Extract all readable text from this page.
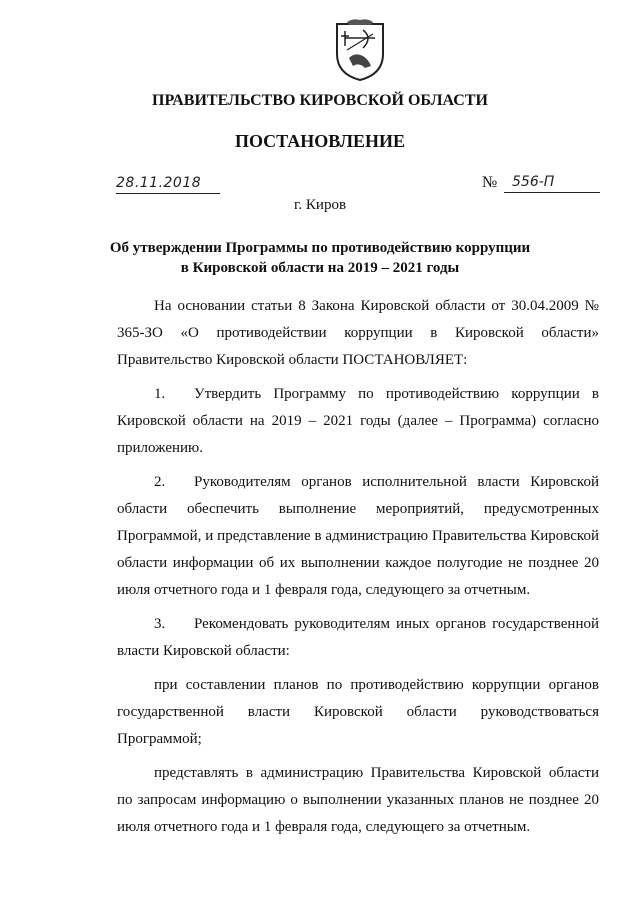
ПРАВИТЕЛЬСТВО КИРОВСКОЙ ОБЛАСТИ
ПОСТАНОВЛЕНИЕ
28.11.2018	№ 556-П
г. Киров
Об утверждении Программы по противодействию коррупции
в Кировской области на 2019 – 2021 годы

На основании статьи 8 Закона Кировской области от 30.04.2009 № 365-ЗО «О противодействии коррупции в Кировской области» Правительство Кировской области ПОСТАНОВЛЯЕТ:

1. Утвердить Программу по противодействию коррупции в Кировской области на 2019 – 2021 годы (далее – Программа) согласно приложению.

2. Руководителям органов исполнительной власти Кировской области обеспечить выполнение мероприятий, предусмотренных Программой, и представление в администрацию Правительства Кировской области информации об их выполнении каждое полугодие не позднее 20 июля отчетного года и 1 февраля года, следующего за отчетным.

3. Рекомендовать руководителям иных органов государственной власти Кировской области:

при составлении планов по противодействию коррупции органов государственной власти Кировской области руководствоваться Программой;

представлять в администрацию Правительства Кировской области по запросам информацию о выполнении указанных планов не позднее 20 июля отчетного года и 1 февраля года, следующего за отчетным.
